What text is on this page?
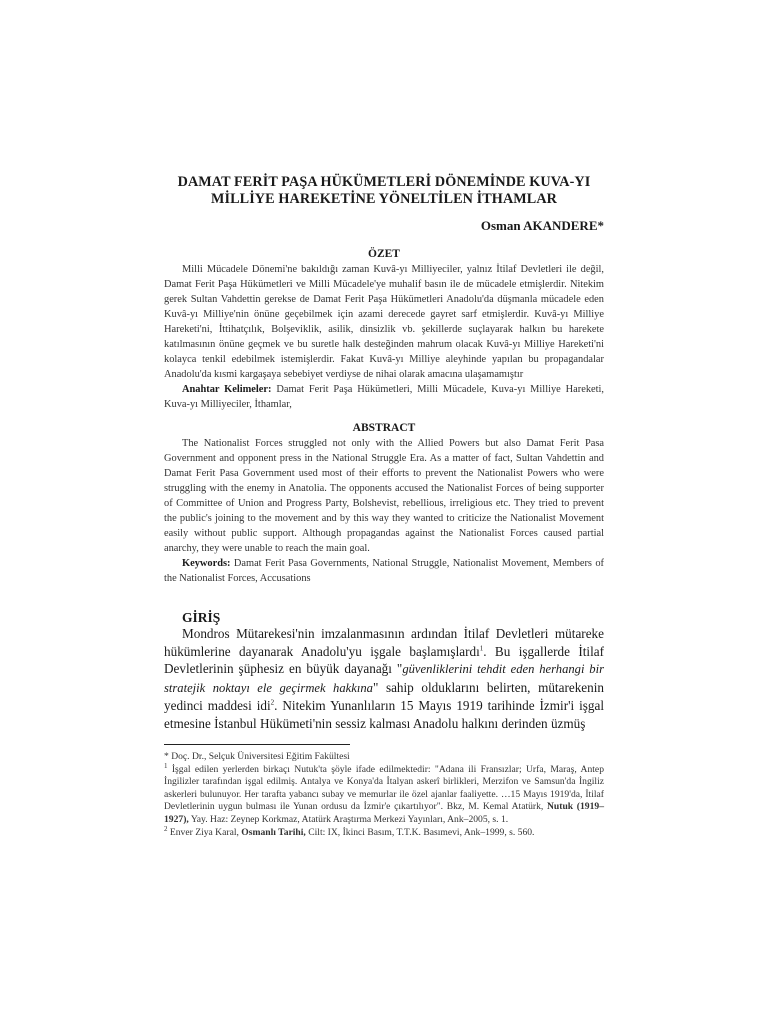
DAMAT FERİT PAŞA HÜKÜMETLERİ DÖNEMİNDE KUVA-YI
MİLLİYE HAREKETİNE YÖNELTİLEN İTHAMLAR
Osman AKANDERE*
ÖZET

Milli Mücadele Dönemi'ne bakıldığı zaman Kuvâ-yı Milliyeciler, yalnız İtilaf Devletleri ile değil, Damat Ferit Paşa Hükümetleri ve Milli Mücadele'ye muhalif basın ile de mücadele etmişlerdir. Nitekim gerek Sultan Vahdettin gerekse de Damat Ferit Paşa Hükümetleri Anadolu'da düşmanla mücadele eden Kuvâ-yı Milliye'nin önüne geçebilmek için azami derecede gayret sarf etmişlerdir. Kuvâ-yı Milliye Hareketi'ni, İttihatçılık, Bolşeviklik, asilik, dinsizlik vb. şekillerde suçlayarak halkın bu harekete katılmasının önüne geçmek ve bu suretle halk desteğinden mahrum olacak Kuvâ-yı Milliye Hareketi'ni kolayca tenkil edebilmek istemişlerdir. Fakat Kuvâ-yı Milliye aleyhinde yapılan bu propagandalar Anadolu'da kısmi kargaşaya sebebiyet verdiyse de nihai olarak amacına ulaşamamıştır

Anahtar Kelimeler: Damat Ferit Paşa Hükümetleri, Milli Mücadele, Kuva-yı Milliye Hareketi, Kuva-yı Milliyeciler, İthamlar,

ABSTRACT

The Nationalist Forces struggled not only with the Allied Powers but also Damat Ferit Pasa Government and opponent press in the National Struggle Era. As a matter of fact, Sultan Vahdettin and Damat Ferit Pasa Government used most of their efforts to prevent the Nationalist Powers who were struggling with the enemy in Anatolia. The opponents accused the Nationalist Forces of being supporter of Committee of Union and Progress Party, Bolshevist, rebellious, irreligious etc. They tried to prevent the public's joining to the movement and by this way they wanted to criticize the Nationalist Movement easily without public support. Although propagandas against the Nationalist Forces caused partial anarchy, they were unable to reach the main goal.

Keywords: Damat Ferit Pasa Governments, National Struggle, Nationalist Movement, Members of the Nationalist Forces, Accusations

GİRİŞ

Mondros Mütarekesi'nin imzalanmasının ardından İtilaf Devletleri mütareke hükümlerine dayanarak Anadolu'yu işgale başlamışlardı$^1$. Bu işgallerde İtilaf Devletlerinin şüphesiz en büyük dayanağı "güvenliklerini tehdit eden herhangi bir stratejik noktayı ele geçirmek hakkına" sahip olduklarını belirten, mütarekenin yedinci maddesi idi$^2$. Nitekim Yunanlıların 15 Mayıs 1919 tarihinde İzmir'i işgal etmesine İstanbul Hükümeti'nin sessiz kalması Anadolu halkını derinden üzmüş

* Doç. Dr., Selçuk Üniversitesi Eğitim Fakültesi

$^1$ İşgal edilen yerlerden birkaçı Nutuk'ta şöyle ifade edilmektedir: "Adana ili Fransızlar; Urfa, Maraş, Antep İngilizler tarafından işgal edilmiş. Antalya ve Konya'da İtalyan askerî birlikleri, Merzifon ve Samsun'da İngiliz askerleri bulunuyor. Her tarafta yabancı subay ve memurlar ile özel ajanlar faaliyette. …15 Mayıs 1919'da, İtilaf Devletlerinin uygun bulması ile Yunan ordusu da İzmir'e çıkartılıyor". Bkz, M. Kemal Atatürk, Nutuk (1919–1927), Yay. Haz: Zeynep Korkmaz, Atatürk Araştırma Merkezi Yayınları, Ank–2005, s. 1.

$^2$ Enver Ziya Karal, Osmanlı Tarihi, Cilt: IX, İkinci Basım, T.T.K. Basımevi, Ank–1999, s. 560.
